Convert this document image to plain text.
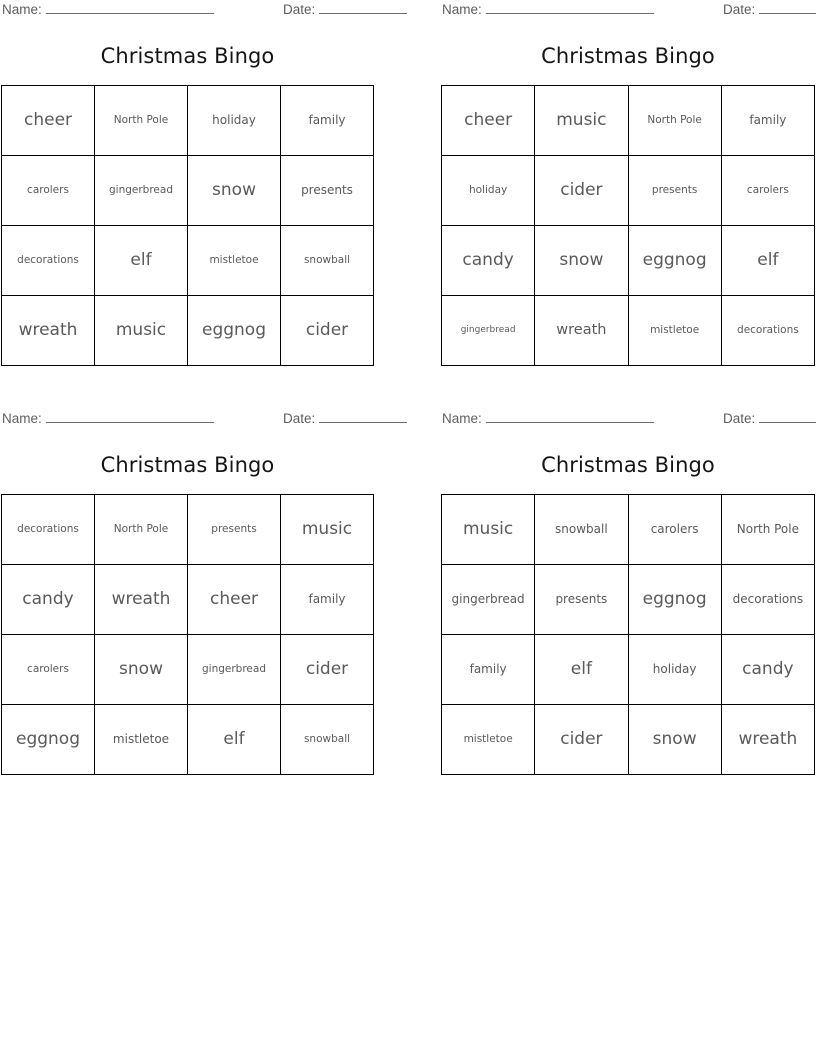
Name:	Date:
Christmas Bingo
cheer	North Pole	holiday	family
carolers	gingerbread	snow	presents
decorations	elf	mistletoe	snowball
wreath	music	eggnog	cider
Name:	Date:
Christmas Bingo
cheer	music	North Pole	family
holiday	cider	presents	carolers
candy	snow	eggnog	elf
gingerbread	wreath	mistletoe	decorations
Name:	Date:
Christmas Bingo
decorations	North Pole	presents	music
candy	wreath	cheer	family
carolers	snow	gingerbread	cider
eggnog	mistletoe	elf	snowball
Name:	Date:
Christmas Bingo
music	snowball	carolers	North Pole
gingerbread	presents	eggnog	decorations
family	elf	holiday	candy
mistletoe	cider	snow	wreath
